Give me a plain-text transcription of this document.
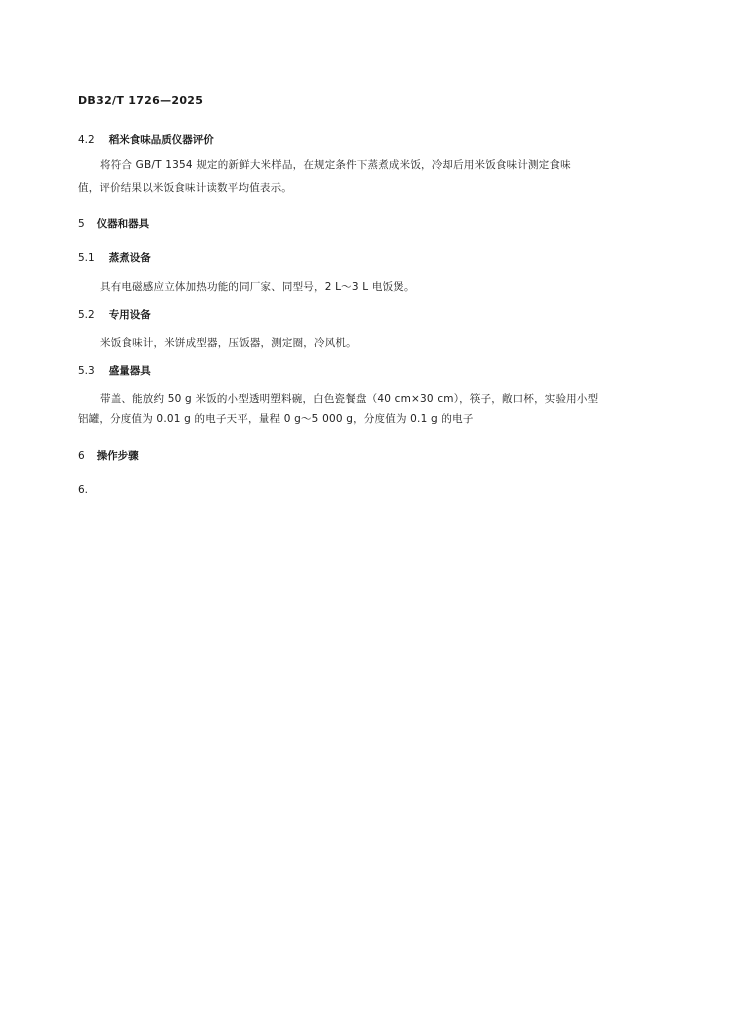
DB32/T 1726—2025
4.2 稻米食味品质仪器评价
将符合 GB/T 1354 规定的新鲜大米样品，在规定条件下蒸煮成米饭，冷却后用米饭食味计测定食味
值，评价结果以米饭食味计读数平均值表示。
5 仪器和器具
5.1 蒸煮设备
具有电磁感应立体加热功能的同厂家、同型号，2 L～3 L 电饭煲。
5.2 专用设备
米饭食味计，米饼成型器，压饭器，测定圈，冷风机。
5.3 盛量器具
带盖、能放约 50 g 米饭的小型透明塑料碗，白色瓷餐盘（40 cm×30 cm），筷子，敞口杯，实验用小型
铝罐，分度值为 0.01 g 的电子天平，量程 0 g～5 000 g，分度值为 0.1 g 的电子
6 操作步骤
6.
